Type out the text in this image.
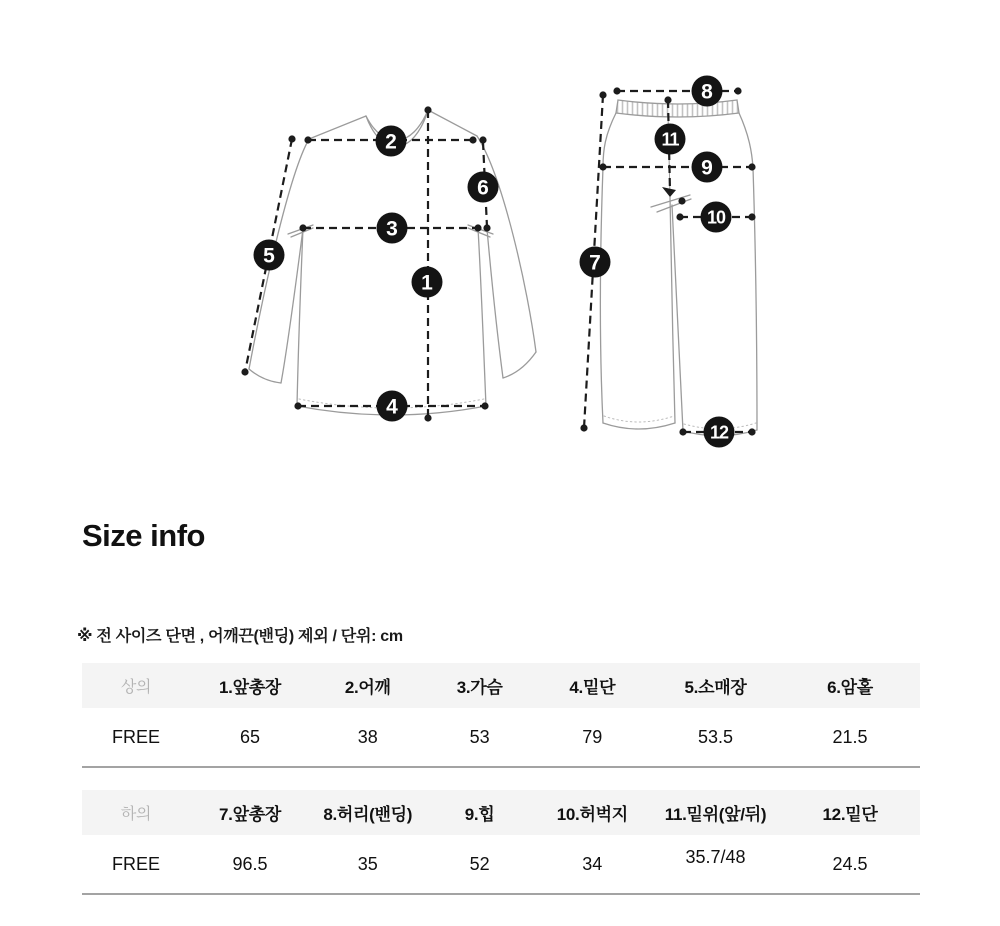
1
2
3
4
5
6
7
8
9
10
11
12
Size info

※ 전 사이즈 단면 , 어깨끈(밴딩) 제외 / 단위: cm

상의	1.앞총장	2.어깨	3.가슴	4.밑단	5.소매장	6.암홀
FREE	65	38	53	79	53.5	21.5
하의	7.앞총장	8.허리(밴딩)	9.힙	10.허벅지	11.밑위(앞/뒤)	12.밑단
FREE	96.5	35	52	34	35.7/48	24.5
